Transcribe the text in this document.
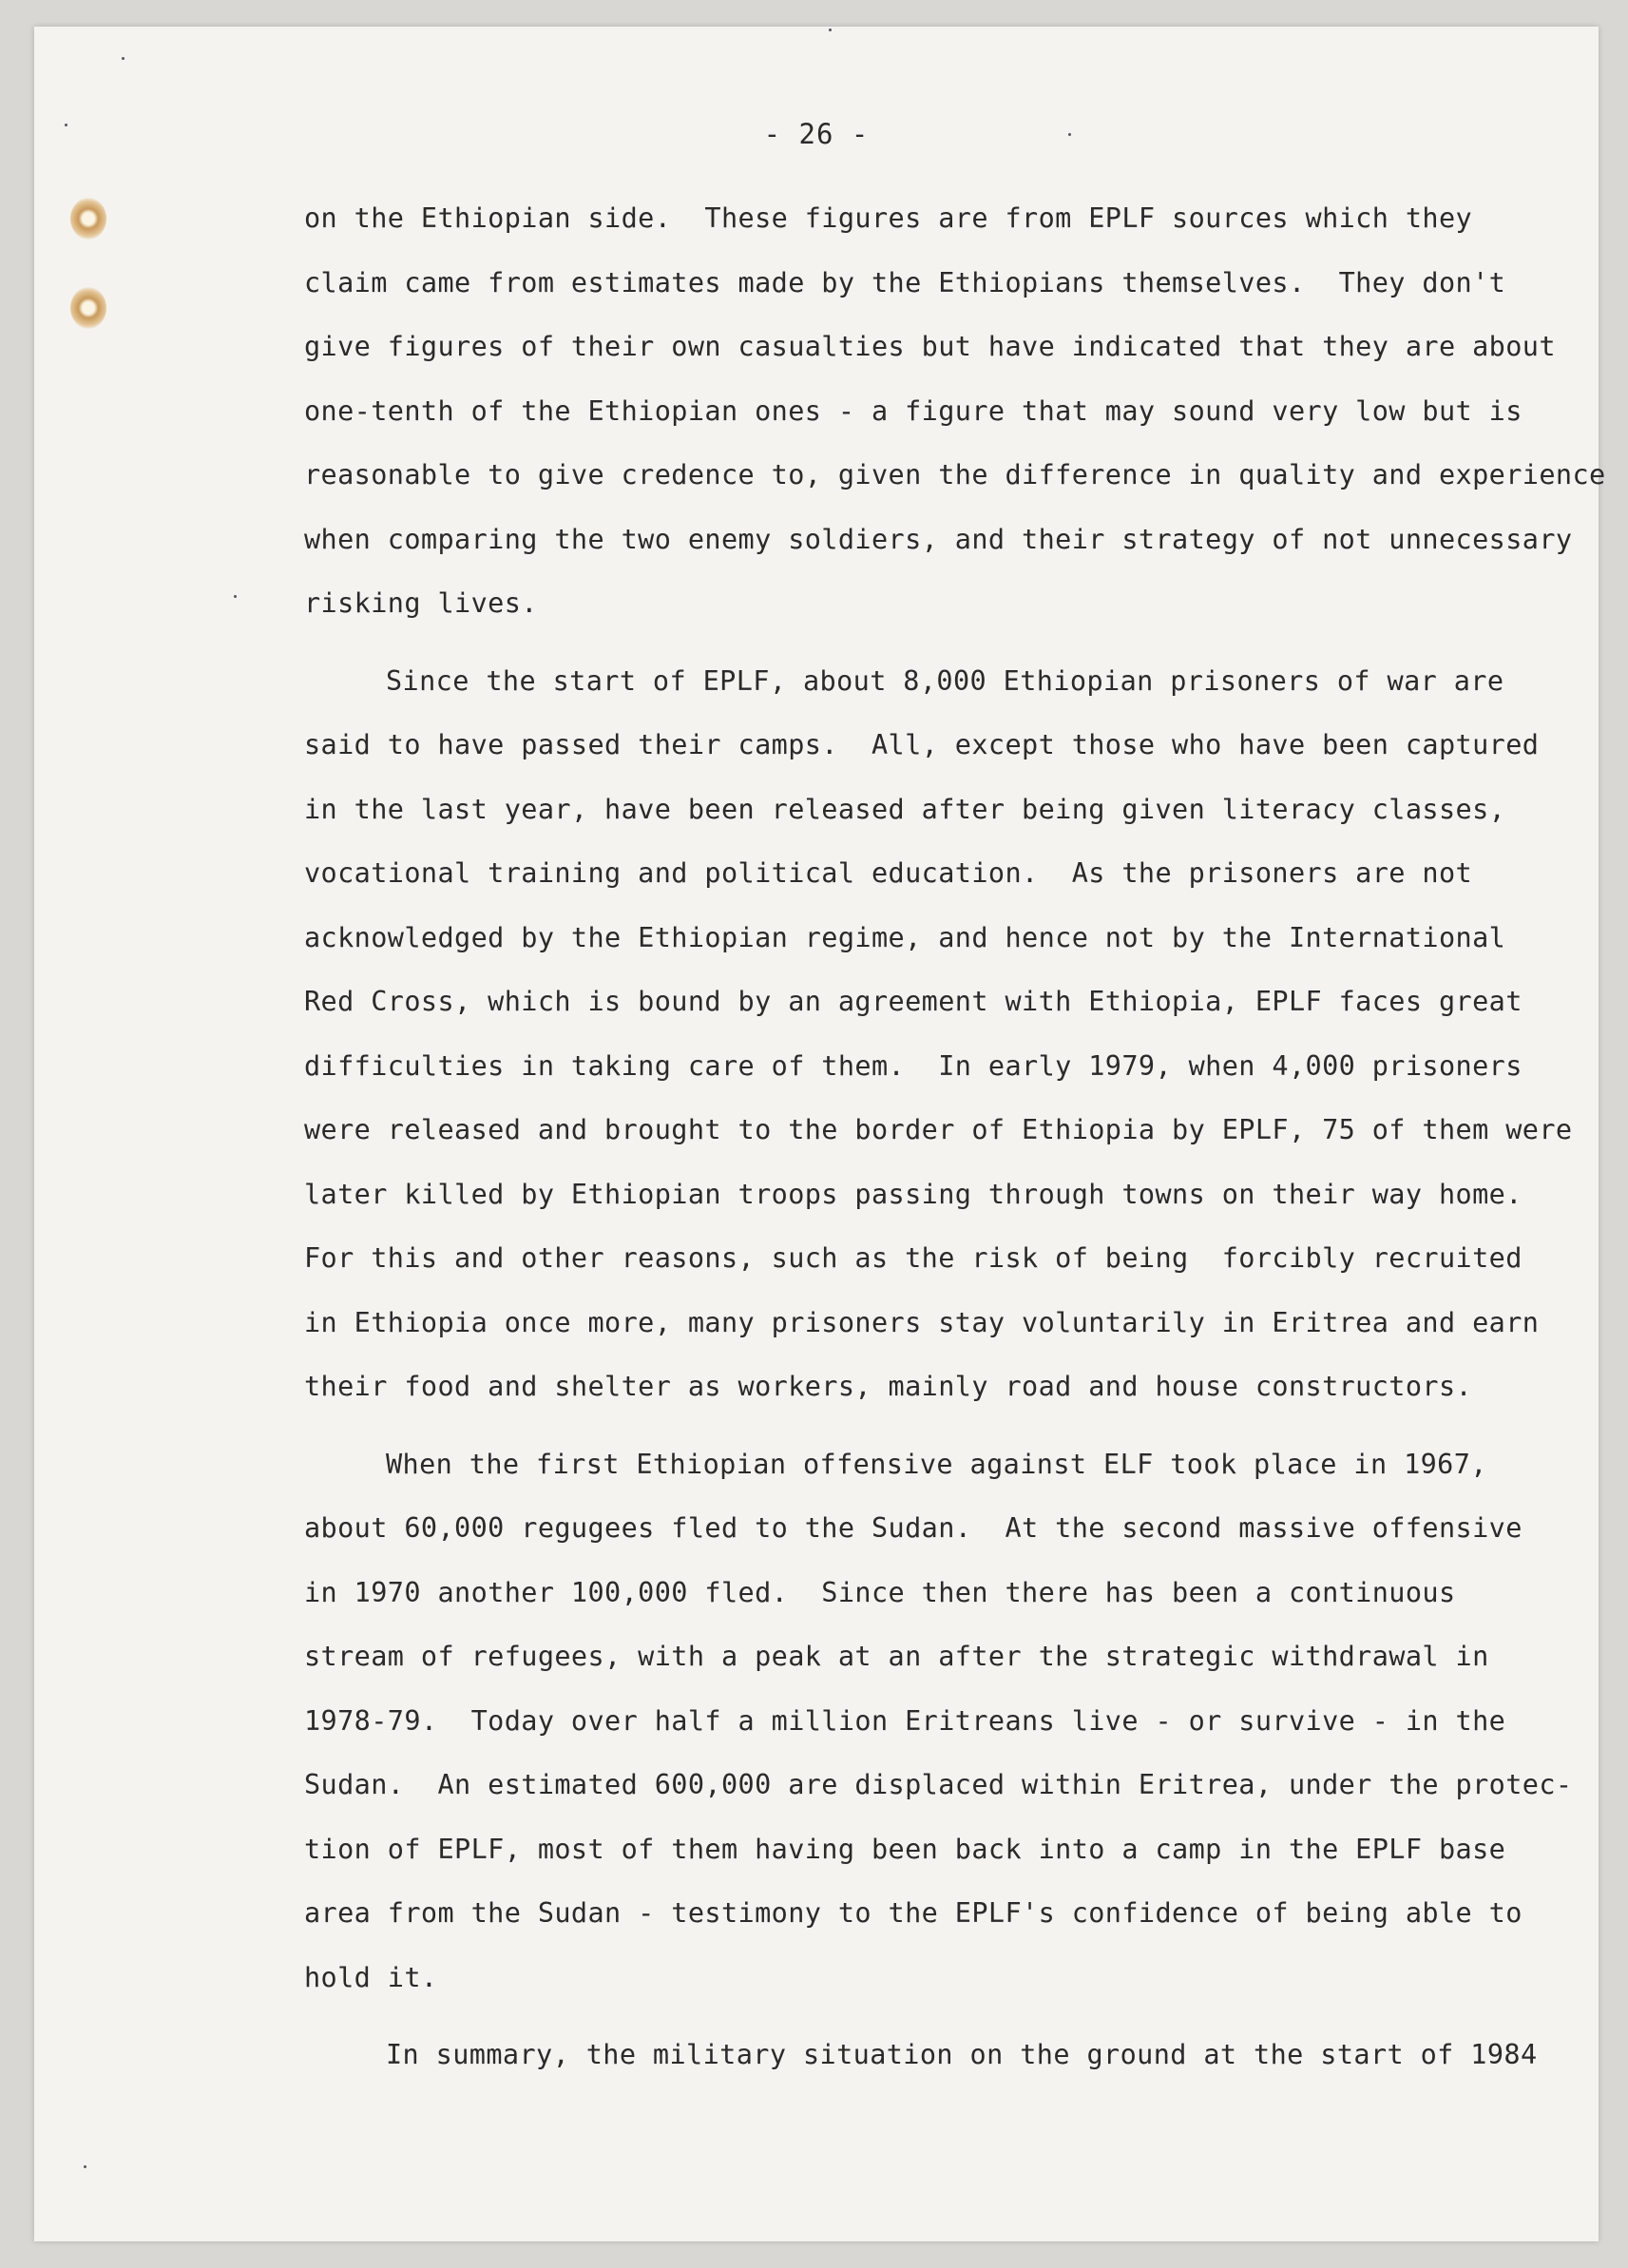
- 26 -
on the Ethiopian side.  These figures are from EPLF sources which they
claim came from estimates made by the Ethiopians themselves.  They don't
give figures of their own casualties but have indicated that they are about
one-tenth of the Ethiopian ones - a figure that may sound very low but is
reasonable to give credence to, given the difference in quality and experience
when comparing the two enemy soldiers, and their strategy of not unnecessary
risking lives.
Since the start of EPLF, about 8,000 Ethiopian prisoners of war are
said to have passed their camps.  All, except those who have been captured
in the last year, have been released after being given literacy classes,
vocational training and political education.  As the prisoners are not
acknowledged by the Ethiopian regime, and hence not by the International
Red Cross, which is bound by an agreement with Ethiopia, EPLF faces great
difficulties in taking care of them.  In early 1979, when 4,000 prisoners
were released and brought to the border of Ethiopia by EPLF, 75 of them were
later killed by Ethiopian troops passing through towns on their way home.
For this and other reasons, such as the risk of being  forcibly recruited
in Ethiopia once more, many prisoners stay voluntarily in Eritrea and earn
their food and shelter as workers, mainly road and house constructors.
When the first Ethiopian offensive against ELF took place in 1967,
about 60,000 regugees fled to the Sudan.  At the second massive offensive
in 1970 another 100,000 fled.  Since then there has been a continuous
stream of refugees, with a peak at an after the strategic withdrawal in
1978-79.  Today over half a million Eritreans live - or survive - in the
Sudan.  An estimated 600,000 are displaced within Eritrea, under the protec-
tion of EPLF, most of them having been back into a camp in the EPLF base
area from the Sudan - testimony to the EPLF's confidence of being able to
hold it.
In summary, the military situation on the ground at the start of 1984
